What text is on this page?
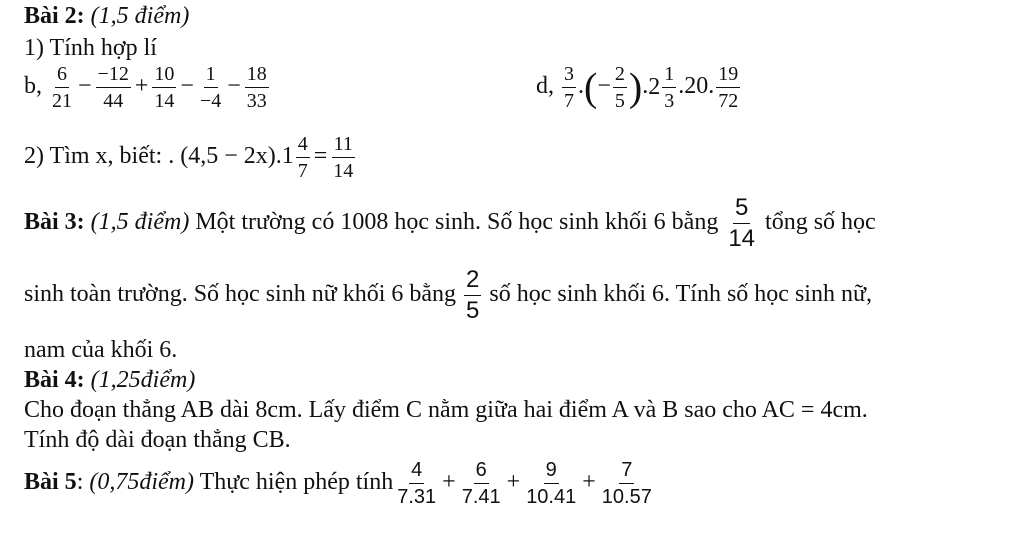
Bài 2: (1,5 điểm)
1) Tính hợp lí
b, $\frac{6}{21} - \frac{-12}{44} + \frac{10}{14} - \frac{1}{-4} - \frac{18}{33}$	d, $\frac{3}{7}$ .(− $\frac{2}{5}$ ). $2 \frac{1}{3} .20$. $\frac{19}{72}$
2) Tìm x, biết: . $(4,5 - 2x).1 \frac{4}{7} = \frac{11}{14}$
Bài 3: (1,5 điểm) Một trường có 1008 học sinh. Số học sinh khối 6 bằng $\frac{5}{14}$ tổng số học
sinh toàn trường. Số học sinh nữ khối 6 bằng $\frac{2}{5}$ số học sinh khối 6. Tính số học sinh nữ,
nam của khối 6.
Bài 4: (1,25điểm)
Cho đoạn thẳng AB dài 8cm. Lấy điểm C nằm giữa hai điểm A và B sao cho AC = 4cm.
Tính độ dài đoạn thẳng CB.
Bài 5: (0,75điểm) Thực hiện phép tính $\frac{4}{7.31} + \frac{6}{7.41} + \frac{9}{10.41} + \frac{7}{10.57}$
